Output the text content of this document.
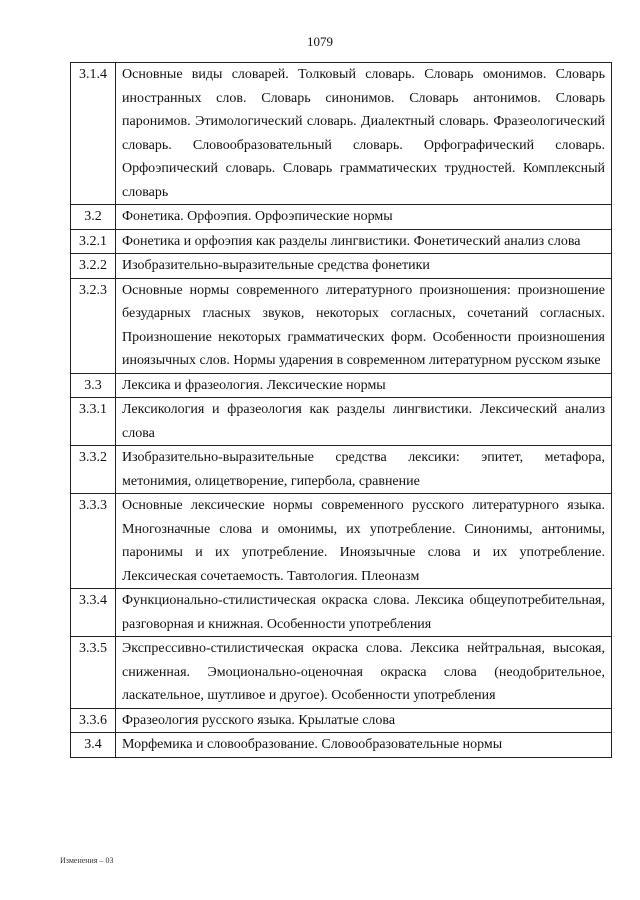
1079
3.1.4	Основные виды словарей. Толковый словарь. Словарь омонимов. Словарь иностранных слов. Словарь синонимов. Словарь антонимов. Словарь паронимов. Этимологический словарь. Диалектный словарь. Фразеологический словарь. Словообразовательный словарь. Орфографический словарь. Орфоэпический словарь. Словарь грамматических трудностей. Комплексный словарь
3.2	Фонетика. Орфоэпия. Орфоэпические нормы
3.2.1	Фонетика и орфоэпия как разделы лингвистики. Фонетический анализ слова
3.2.2	Изобразительно-выразительные средства фонетики
3.2.3	Основные нормы современного литературного произношения: произношение безударных гласных звуков, некоторых согласных, сочетаний согласных. Произношение некоторых грамматических форм. Особенности произношения иноязычных слов. Нормы ударения в современном литературном русском языке
3.3	Лексика и фразеология. Лексические нормы
3.3.1	Лексикология и фразеология как разделы лингвистики. Лексический анализ слова
3.3.2	Изобразительно-выразительные средства лексики: эпитет, метафора, метонимия, олицетворение, гипербола, сравнение
3.3.3	Основные лексические нормы современного русского литературного языка. Многозначные слова и омонимы, их употребление. Синонимы, антонимы, паронимы и их употребление. Иноязычные слова и их употребление. Лексическая сочетаемость. Тавтология. Плеоназм
3.3.4	Функционально-стилистическая окраска слова. Лексика общеупотребительная, разговорная и книжная. Особенности употребления
3.3.5	Экспрессивно-стилистическая окраска слова. Лексика нейтральная, высокая, сниженная. Эмоционально-оценочная окраска слова (неодобрительное, ласкательное, шутливое и другое). Особенности употребления
3.3.6	Фразеология русского языка. Крылатые слова
3.4	Морфемика и словообразование. Словообразовательные нормы
Изменения – 03
